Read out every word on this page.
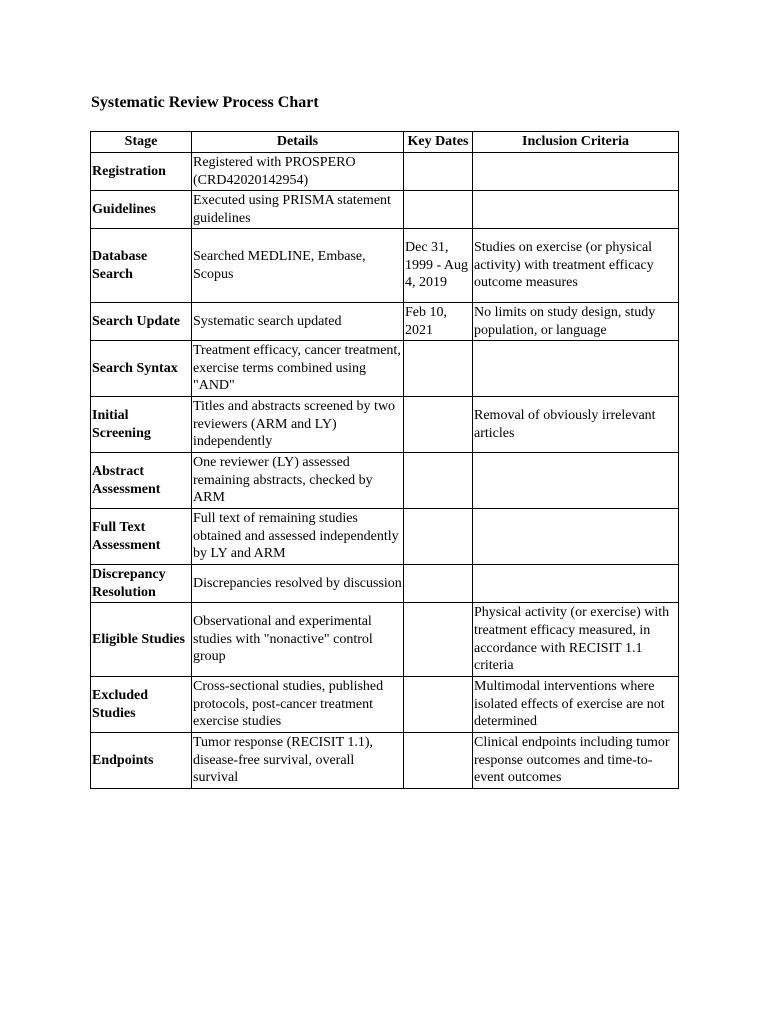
Systematic Review Process Chart
Stage	Details	Key Dates	Inclusion Criteria
Registration	Registered with PROSPERO (CRD42020142954)		
Guidelines	Executed using PRISMA statement guidelines		
Database Search	Searched MEDLINE, Embase, Scopus	Dec 31, 1999 - Aug 4, 2019	Studies on exercise (or physical activity) with treatment efficacy outcome measures
Search Update	Systematic search updated	Feb 10, 2021	No limits on study design, study population, or language
Search Syntax	Treatment efficacy, cancer treatment, exercise terms combined using "AND"		
Initial Screening	Titles and abstracts screened by two reviewers (ARM and LY) independently		Removal of obviously irrelevant articles
Abstract Assessment	One reviewer (LY) assessed remaining abstracts, checked by ARM		
Full Text Assessment	Full text of remaining studies obtained and assessed independently by LY and ARM		
Discrepancy Resolution	Discrepancies resolved by discussion		
Eligible Studies	Observational and experimental studies with "nonactive" control group		Physical activity (or exercise) with treatment efficacy measured, in accordance with RECISIT 1.1 criteria
Excluded Studies	Cross-sectional studies, published protocols, post-cancer treatment exercise studies		Multimodal interventions where isolated effects of exercise are not determined
Endpoints	Tumor response (RECISIT 1.1), disease-free survival, overall survival		Clinical endpoints including tumor response outcomes and time-to-event outcomes
